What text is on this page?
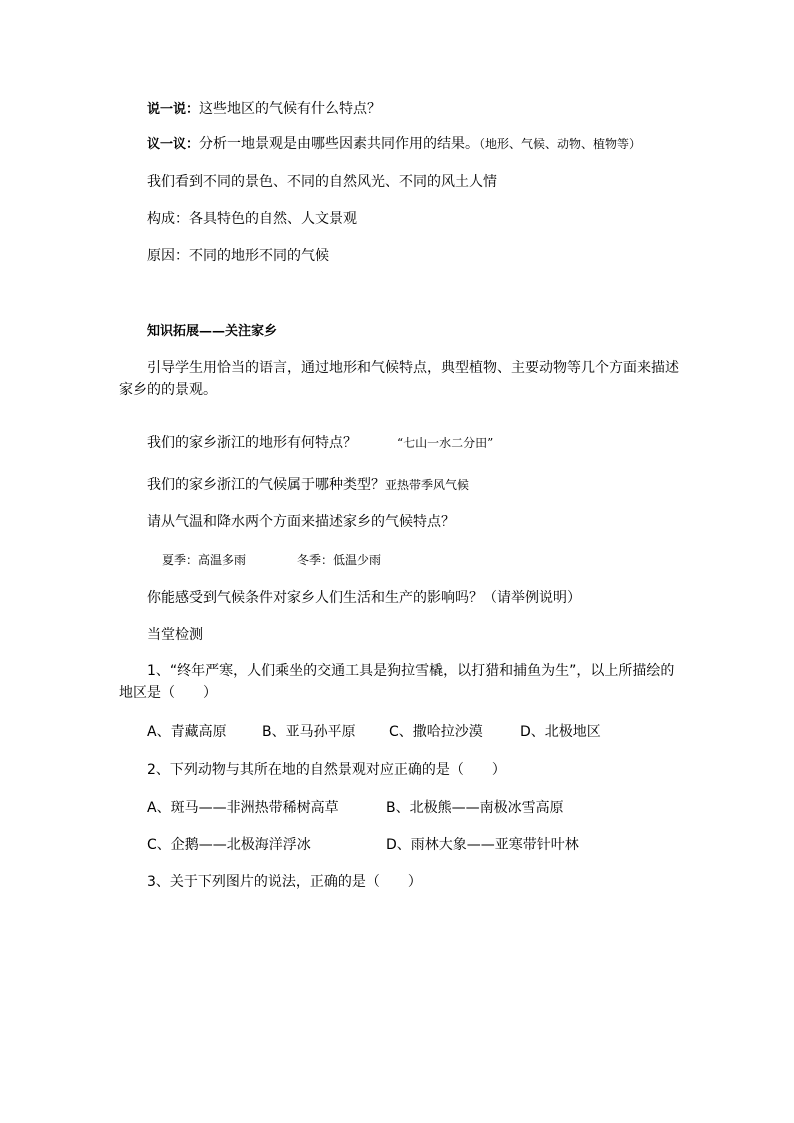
说一说：这些地区的气候有什么特点？
议一议：分析一地景观是由哪些因素共同作用的结果。（地形、气候、动物、植物等）
我们看到不同的景色、不同的自然风光、不同的风土人情
构成：各具特色的自然、人文景观
原因：不同的地形不同的气候
知识拓展——关注家乡
引导学生用恰当的语言，通过地形和气候特点，典型植物、主要动物等几个方面来描述家乡的的景观。
我们的家乡浙江的地形有何特点？	“七山一水二分田”
我们的家乡浙江的气候属于哪种类型？亚热带季风气候
请从气温和降水两个方面来描述家乡的气候特点？
夏季：高温多雨	冬季：低温少雨
你能感受到气候条件对家乡人们生活和生产的影响吗？（请举例说明）
当堂检测
1、“终年严寒，人们乘坐的交通工具是狗拉雪橇，以打猎和捕鱼为生”，以上所描绘的地区是（　　）
A、青藏高原	B、亚马孙平原 C、撒哈拉沙漠	D、北极地区
2、下列动物与其所在地的自然景观对应正确的是（　　）
A、斑马——非洲热带稀树高草	B、北极熊——南极冰雪高原
C、企鹅——北极海洋浮冰	D、雨林大象——亚寒带针叶林
3、关于下列图片的说法，正确的是（　　）
